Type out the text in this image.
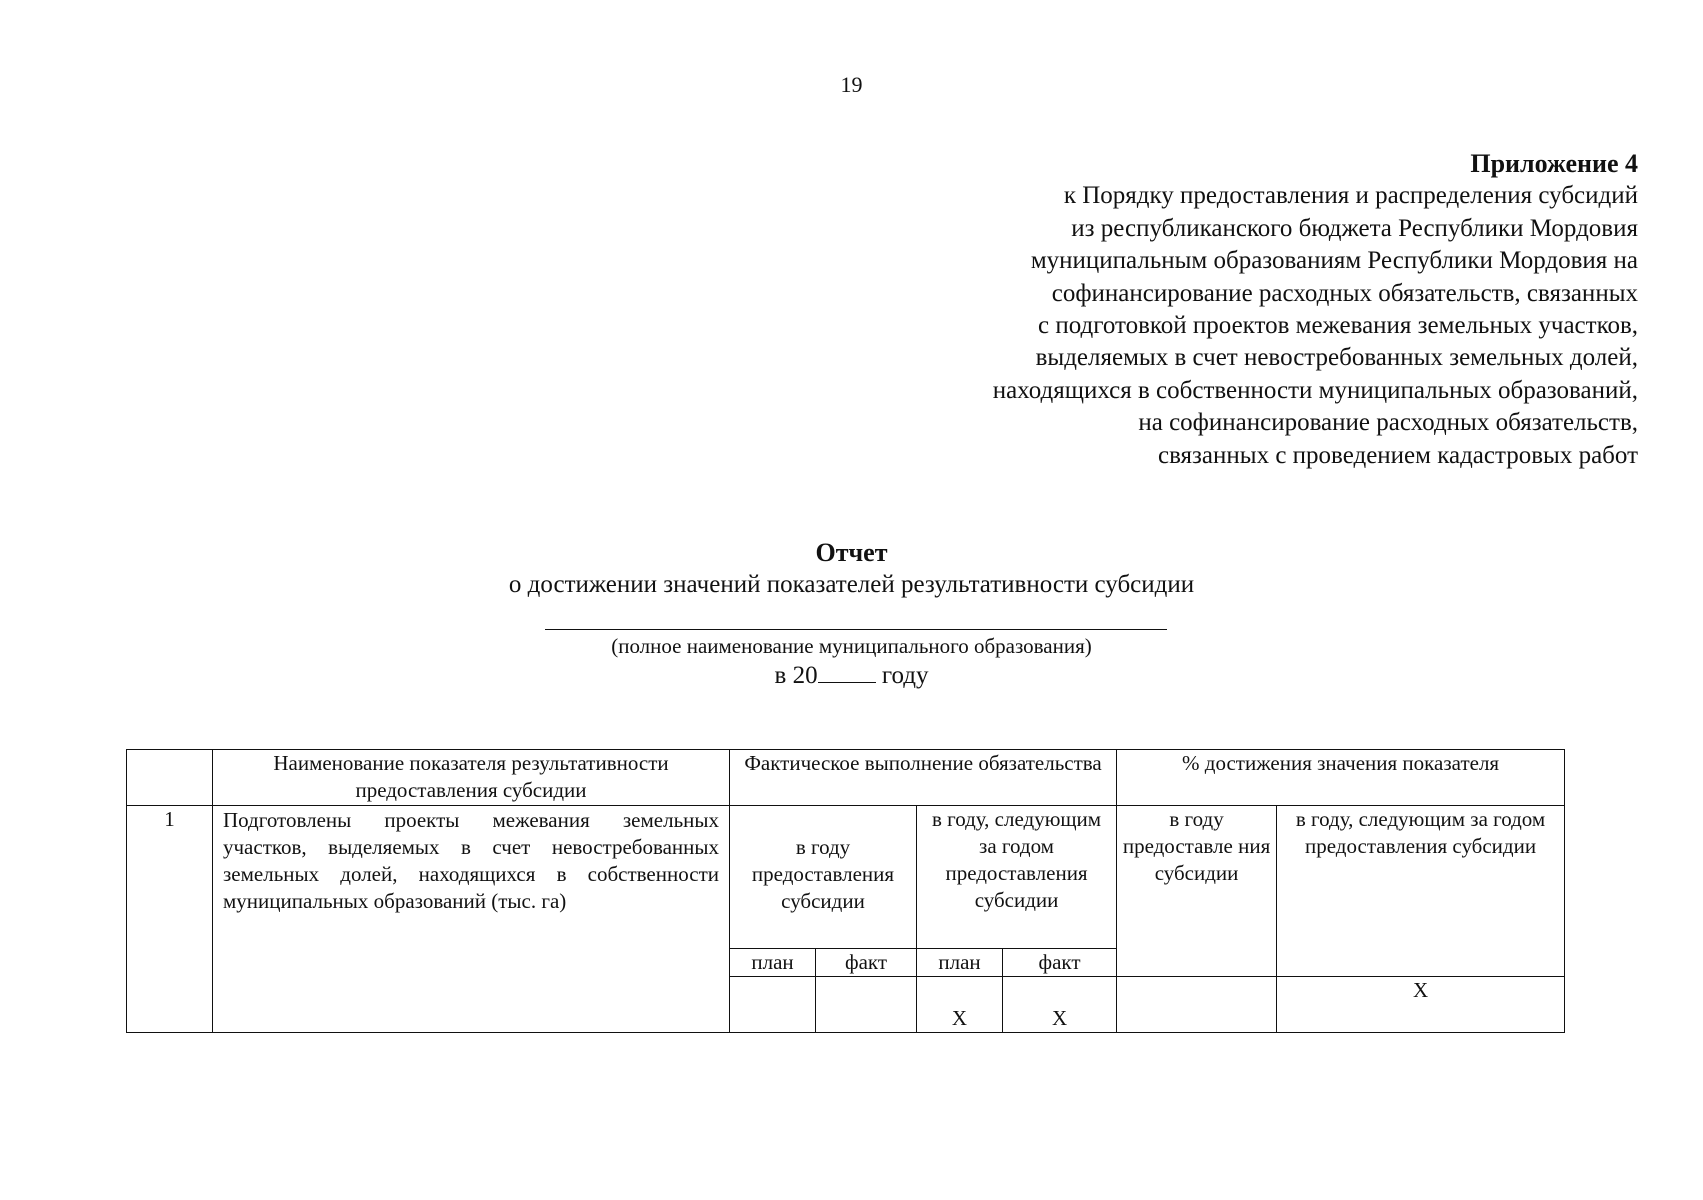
19
Приложение 4
к Порядку предоставления и распределения субсидий
из республиканского бюджета Республики Мордовия
муниципальным образованиям Республики Мордовия на
софинансирование расходных обязательств, связанных
с подготовкой проектов межевания земельных участков,
выделяемых в счет невостребованных земельных долей,
находящихся в собственности муниципальных образований,
на софинансирование расходных обязательств,
связанных с проведением кадастровых работ
Отчет
о достижении значений показателей результативности субсидии
(полное наименование муниципального образования)
в 20	году
	Наименование показателя результативности предоставления субсидии	Фактическое выполнение обязательства				% достижения значения показателя	
1	Подготовлены проекты межевания земельных участков, выделяемых в счет невостребованных земельных долей, находящихся в собственности муниципальных образований (тыс. га)	в году предоставления субсидии		в году, следующим за годом предоставления субсидии		в году предоставле ния субсидии	в году, следующим за годом предоставления субсидии
		план	факт	план	факт		
				Х	Х		Х
